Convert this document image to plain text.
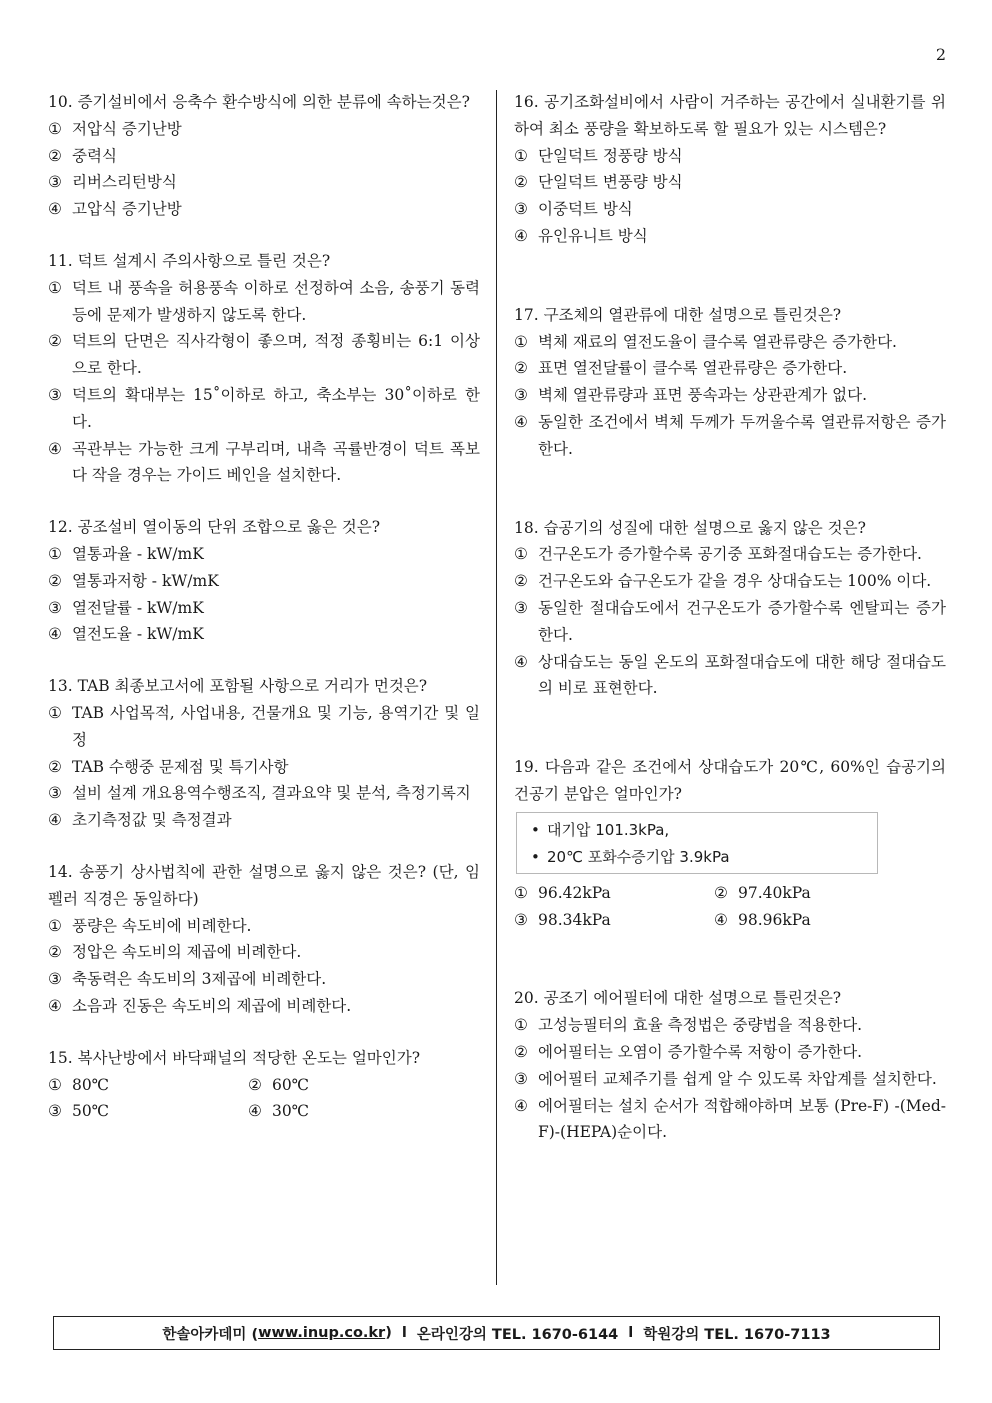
2
10. 증기설비에서 응축수 환수방식에 의한 분류에 속하는것은?
① 저압식 증기난방
② 중력식
③ 리버스리턴방식
④ 고압식 증기난방
11. 덕트 설계시 주의사항으로 틀린 것은?
① 덕트 내 풍속을 허용풍속 이하로 선정하여 소음, 송풍기 동력 등에 문제가 발생하지 않도록 한다.
② 덕트의 단면은 직사각형이 좋으며, 적정 종횡비는 6:1 이상으로 한다.
③ 덕트의 확대부는 15˚이하로 하고, 축소부는 30˚이하로 한다.
④ 곡관부는 가능한 크게 구부리며, 내측 곡률반경이 덕트 폭보다 작을 경우는 가이드 베인을 설치한다.
12. 공조설비 열이동의 단위 조합으로 옳은 것은?
① 열통과율 - kW/mK
② 열통과저항 - kW/mK
③ 열전달률 - kW/mK
④ 열전도율 - kW/mK
13. TAB 최종보고서에 포함될 사항으로 거리가 먼것은?
① TAB 사업목적, 사업내용, 건물개요 및 기능, 용역기간 및 일정
② TAB 수행중 문제점 및 특기사항
③ 설비 설계 개요용역수행조직, 결과요약 및 분석, 측정기록지
④ 초기측정값 및 측정결과
14. 송풍기 상사법칙에 관한 설명으로 옳지 않은 것은? (단, 임펠러 직경은 동일하다)
① 풍량은 속도비에 비례한다.
② 정압은 속도비의 제곱에 비례한다.
③ 축동력은 속도비의 3제곱에 비례한다.
④ 소음과 진동은 속도비의 제곱에 비례한다.
15. 복사난방에서 바닥패널의 적당한 온도는 얼마인가?
① 80℃	② 60℃
③ 50℃	④ 30℃
16. 공기조화설비에서 사람이 거주하는 공간에서 실내환기를 위하여 최소 풍량을 확보하도록 할 필요가 있는 시스템은?
① 단일덕트 정풍량 방식
② 단일덕트 변풍량 방식
③ 이중덕트 방식
④ 유인유니트 방식
17. 구조체의 열관류에 대한 설명으로 틀린것은?
① 벽체 재료의 열전도율이 클수록 열관류량은 증가한다.
② 표면 열전달률이 클수록 열관류량은 증가한다.
③ 벽체 열관류량과 표면 풍속과는 상관관계가 없다.
④ 동일한 조건에서 벽체 두께가 두꺼울수록 열관류저항은 증가한다.
18. 습공기의 성질에 대한 설명으로 옳지 않은 것은?
① 건구온도가 증가할수록 공기중 포화절대습도는 증가한다.
② 건구온도와 습구온도가 같을 경우 상대습도는 100% 이다.
③ 동일한 절대습도에서 건구온도가 증가할수록 엔탈피는 증가한다.
④ 상대습도는 동일 온도의 포화절대습도에 대한 해당 절대습도의 비로 표현한다.
19. 다음과 같은 조건에서 상대습도가 20℃, 60%인 습공기의 건공기 분압은 얼마인가?
• 대기압 101.3kPa,
• 20℃ 포화수증기압 3.9kPa
① 96.42kPa	② 97.40kPa
③ 98.34kPa	④ 98.96kPa
20. 공조기 에어필터에 대한 설명으로 틀린것은?
① 고성능필터의 효율 측정법은 중량법을 적용한다.
② 에어필터는 오염이 증가할수록 저항이 증가한다.
③ 에어필터 교체주기를 쉽게 알 수 있도록 차압계를 설치한다.
④ 에어필터는 설치 순서가 적합해야하며 보통 (Pre-F) -(Med-F)-(HEPA)순이다.
한솔아카데미 ( www.inup.co.kr ) l 온라인강의 TEL. 1670-6144 l 학원강의 TEL. 1670-7113
